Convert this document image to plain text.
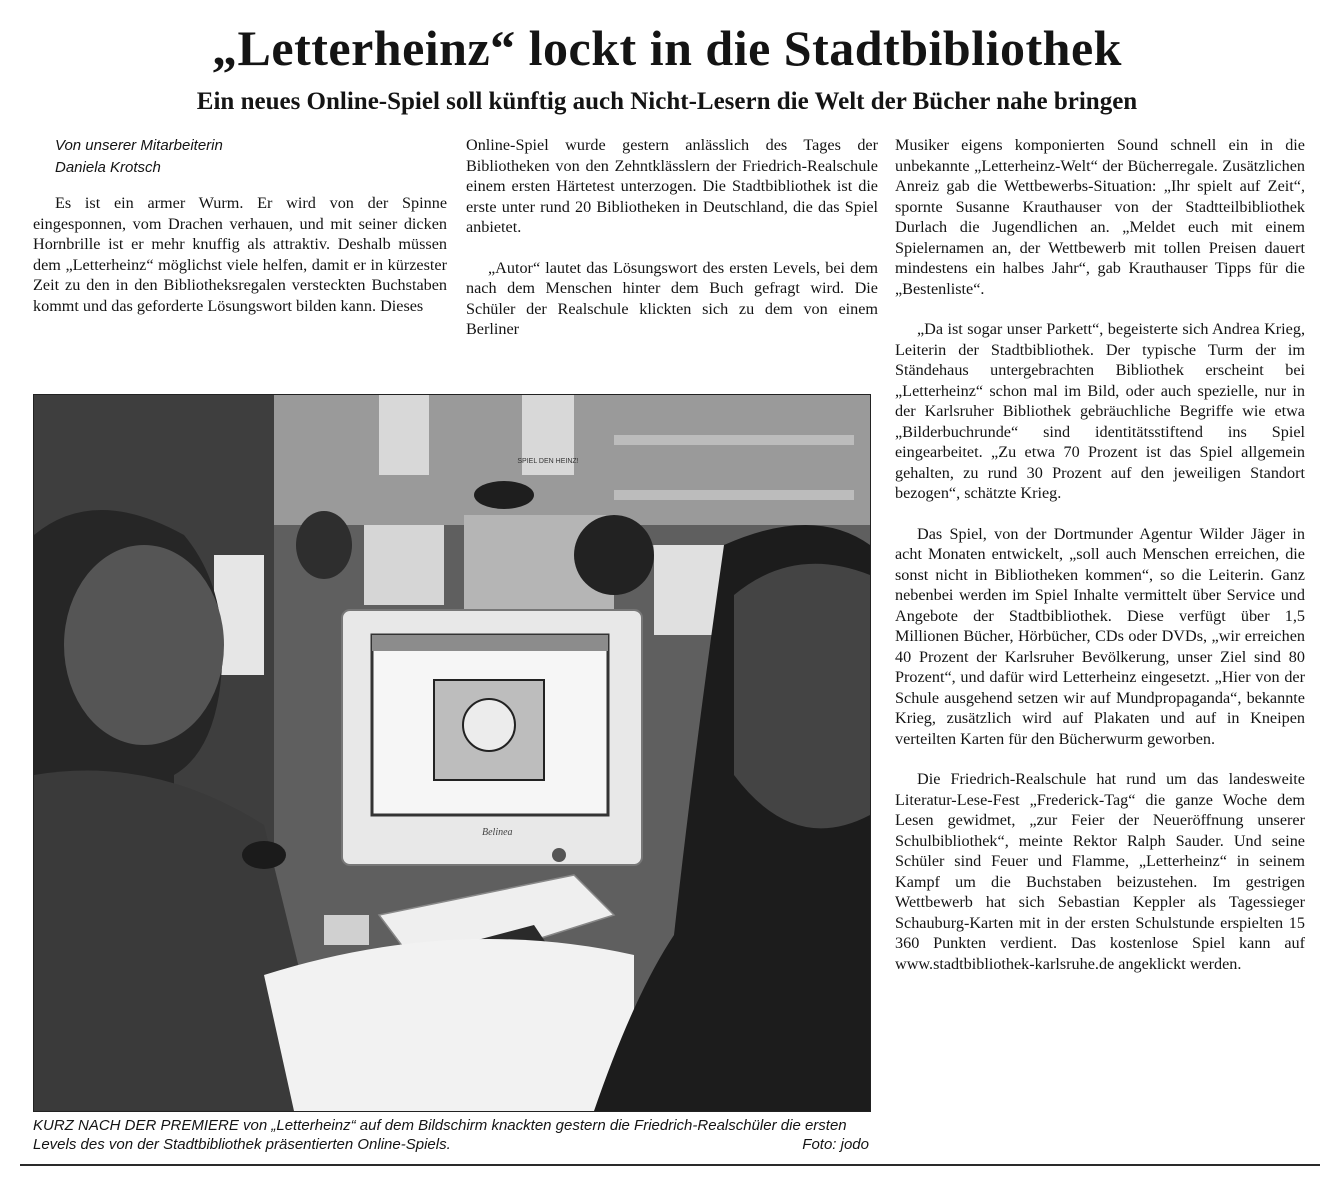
„Letterheinz“ lockt in die Stadtbibliothek
Ein neues Online-Spiel soll künftig auch Nicht-Lesern die Welt der Bücher nahe bringen
Von unserer Mitarbeiterin
Daniela Krotsch

Es ist ein armer Wurm. Er wird von der Spinne eingesponnen, vom Drachen verhauen, und mit seiner dicken Hornbrille ist er mehr knuffig als attraktiv. Deshalb müssen dem „Letterheinz“ möglichst viele helfen, damit er in kürzester Zeit zu den in den Bibliotheksregalen versteckten Buchstaben kommt und das geforderte Lösungswort bilden kann. Dieses

Online-Spiel wurde gestern anlässlich des Tages der Bibliotheken von den Zehntklässlern der Friedrich-Realschule einem ersten Härtetest unterzogen. Die Stadtbibliothek ist die erste unter rund 20 Bibliotheken in Deutschland, die das Spiel anbietet.

„Autor“ lautet das Lösungswort des ersten Levels, bei dem nach dem Menschen hinter dem Buch gefragt wird. Die Schüler der Realschule klickten sich zu dem von einem Berliner

Musiker eigens komponierten Sound schnell ein in die unbekannte „Letterheinz-Welt“ der Bücherregale. Zusätzlichen Anreiz gab die Wettbewerbs-Situation: „Ihr spielt auf Zeit“, spornte Susanne Krauthauser von der Stadtteilbibliothek Durlach die Jugendlichen an. „Meldet euch mit einem Spielernamen an, der Wettbewerb mit tollen Preisen dauert mindestens ein halbes Jahr“, gab Krauthauser Tipps für die „Bestenliste“.

„Da ist sogar unser Parkett“, begeisterte sich Andrea Krieg, Leiterin der Stadtbibliothek. Der typische Turm der im Ständehaus untergebrachten Bibliothek erscheint bei „Letterheinz“ schon mal im Bild, oder auch spezielle, nur in der Karlsruher Bibliothek gebräuchliche Begriffe wie etwa „Bilderbuchrunde“ sind identitätsstiftend ins Spiel eingearbeitet. „Zu etwa 70 Prozent ist das Spiel allgemein gehalten, zu rund 30 Prozent auf den jeweiligen Standort bezogen“, schätzte Krieg.

Das Spiel, von der Dortmunder Agentur Wilder Jäger in acht Monaten entwickelt, „soll auch Menschen erreichen, die sonst nicht in Bibliotheken kommen“, so die Leiterin. Ganz nebenbei werden im Spiel Inhalte vermittelt über Service und Angebote der Stadtbibliothek. Diese verfügt über 1,5 Millionen Bücher, Hörbücher, CDs oder DVDs, „wir erreichen 40 Prozent der Karlsruher Bevölkerung, unser Ziel sind 80 Prozent“, und dafür wird Letterheinz eingesetzt. „Hier von der Schule ausgehend setzen wir auf Mundpropaganda“, bekannte Krieg, zusätzlich wird auf Plakaten und auf in Kneipen verteilten Karten für den Bücherwurm geworben.

Die Friedrich-Realschule hat rund um das landesweite Literatur-Lese-Fest „Frederick-Tag“ die ganze Woche dem Lesen gewidmet, „zur Feier der Neueröffnung unserer Schulbibliothek“, meinte Rektor Ralph Sauder. Und seine Schüler sind Feuer und Flamme, „Letterheinz“ in seinem Kampf um die Buchstaben beizustehen. Im gestrigen Wettbewerb hat sich Sebastian Keppler als Tagessieger Schauburg-Karten mit in der ersten Schulstunde erspielten 15 360 Punkten verdient. Das kostenlose Spiel kann auf www.stadtbibliothek-karlsruhe.de angeklickt werden.

SPIEL DEN HEINZ!
Belinea
KURZ NACH DER PREMIERE von „Letterheinz“ auf dem Bildschirm knackten gestern die Friedrich-Realschüler die ersten Levels des von der Stadtbibliothek präsentierten Online-Spiels.	Foto: jodo
